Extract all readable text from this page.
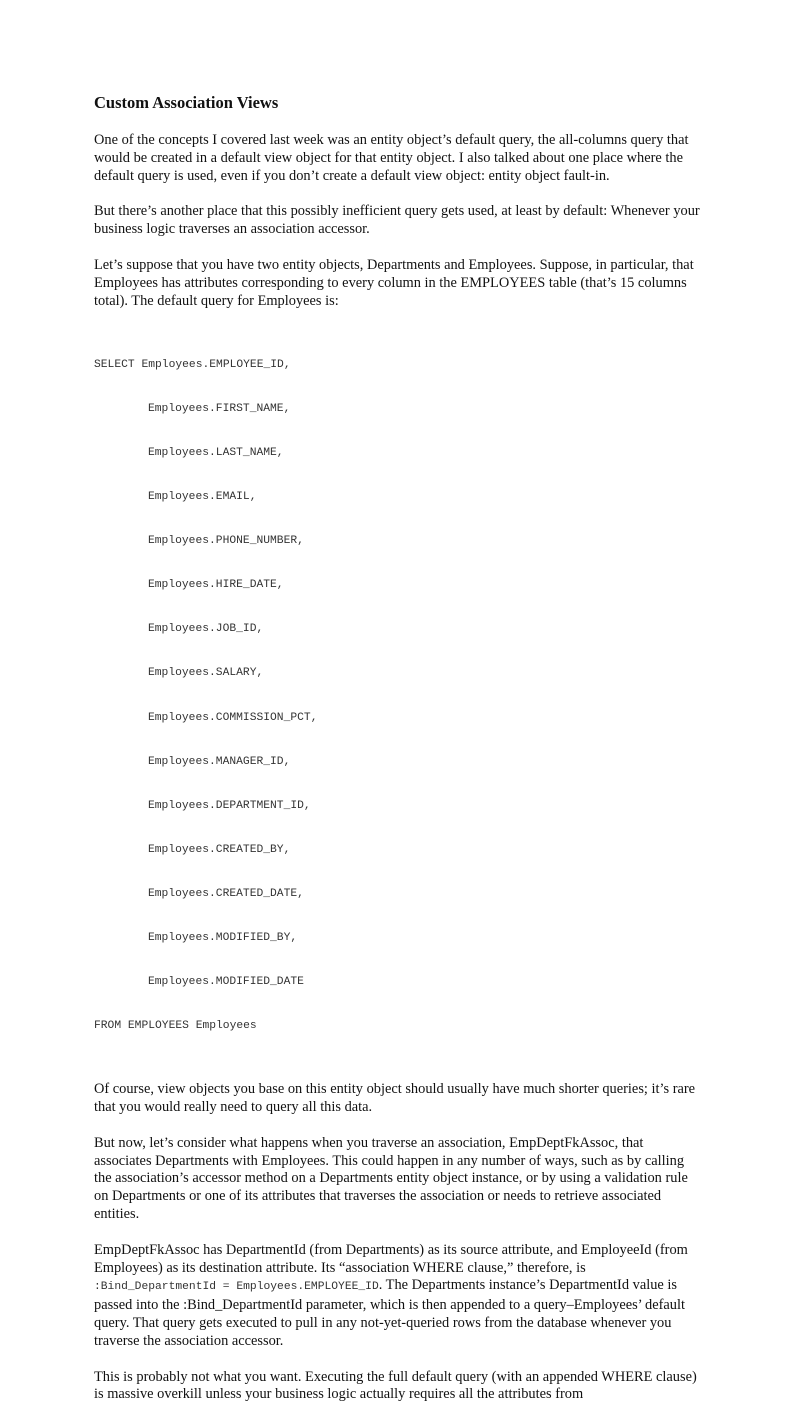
Custom Association Views

One of the concepts I covered last week was an entity object’s default query, the all-columns query that would be created in a default view object for that entity object. I also talked about one place where the default query is used, even if you don’t create a default view object: entity object fault-in.

But there’s another place that this possibly inefficient query gets used, at least by default: Whenever your business logic traverses an association accessor.

Let’s suppose that you have two entity objects, Departments and Employees. Suppose, in particular, that Employees has attributes corresponding to every column in the EMPLOYEES table (that’s 15 columns total). The default query for Employees is:

SELECT Employees.EMPLOYEE_ID,

Employees.FIRST_NAME,

Employees.LAST_NAME,

Employees.EMAIL,

Employees.PHONE_NUMBER,

Employees.HIRE_DATE,

Employees.JOB_ID,

Employees.SALARY,

Employees.COMMISSION_PCT,

Employees.MANAGER_ID,

Employees.DEPARTMENT_ID,

Employees.CREATED_BY,

Employees.CREATED_DATE,

Employees.MODIFIED_BY,

Employees.MODIFIED_DATE

FROM EMPLOYEES Employees

Of course, view objects you base on this entity object should usually have much shorter queries; it’s rare that you would really need to query all this data.

But now, let’s consider what happens when you traverse an association, EmpDeptFkAssoc, that associates Departments with Employees. This could happen in any number of ways, such as by calling the association’s accessor method on a Departments entity object instance, or by using a validation rule on Departments or one of its attributes that traverses the association or needs to retrieve associated entities.

EmpDeptFkAssoc has DepartmentId (from Departments) as its source attribute, and EmployeeId (from Employees) as its destination attribute. Its “association WHERE clause,” therefore, is :Bind_DepartmentId = Employees.EMPLOYEE_ID. The Departments instance’s DepartmentId value is passed into the :Bind_DepartmentId parameter, which is then appended to a query–Employees’ default query. That query gets executed to pull in any not-yet-queried rows from the database whenever you traverse the association accessor.

This is probably not what you want. Executing the full default query (with an appended WHERE clause) is massive overkill unless your business logic actually requires all the attributes from
